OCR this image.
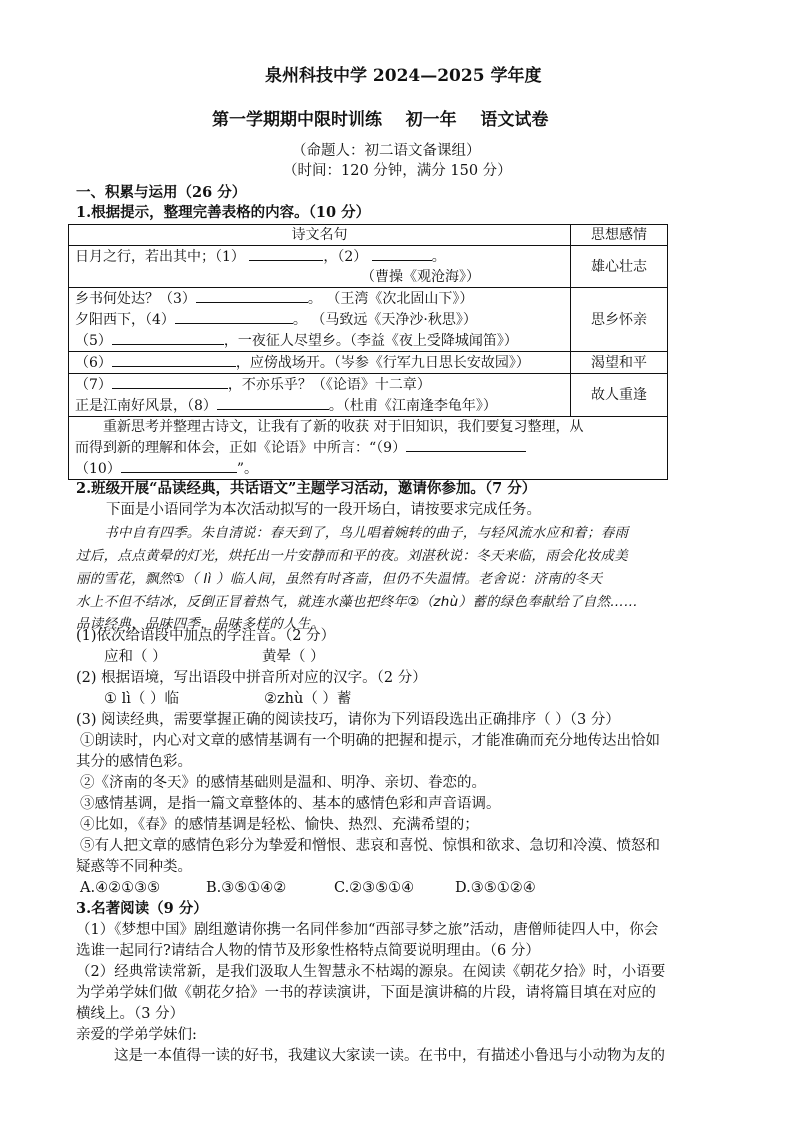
泉州科技中学 2024—2025 学年度
第一学期期中限时训练    初一年    语文试卷
（命题人：初二语文备课组）
（时间：120 分钟，满分 150 分）
一、积累与运用（26 分）
1.根据提示，整理完善表格的内容。（10 分）
诗文名句	思想感情
日月之行，若出其中；（1） ，（2） 。
（曹操《观沧海》）	雄心壮志
乡书何处达？（3） 。 （王湾《次北固山下》）
夕阳西下，（4） 。 （马致远《天净沙·秋思》）
（5） ，一夜征人尽望乡。（李益《夜上受降城闻笛》）	思乡怀亲
（6） ，应傍战场开。（岑参《行军九日思长安故园》）	渴望和平
（7） ，不亦乐乎？（《论语》十二章）
正是江南好风景，（8） 。（杜甫《江南逢李龟年》）	故人重逢

重新思考并整理古诗文，让我有了新的收获 对于旧知识，我们要复习整理，从
而得到新的理解和体会，正如《论语》中所言：“（9）
（10） ”。	
2.班级开展“品读经典，共话语文”主题学习活动，邀请你参加。（7 分）
下面是小语同学为本次活动拟写的一段开场白，请按要求完成任务。
书中自有四季。朱自清说：春天到了，鸟儿唱着婉转的曲子，与轻风流水应和着；春雨
过后，点点黄晕的灯光，烘托出一片安静而和平的夜。刘湛秋说：冬天来临，雨会化妆成美
丽的雪花，飘然①（ lì ）临人间，虽然有时吝啬，但仍不失温情。老舍说：济南的冬天
水上不但不结冰，反倒正冒着热气，就连水藻也把终年②（zhù）蓄的绿色奉献给了自然……
品读经典，品味四季，品味多样的人生。
(1)依次给语段中加点的字注音。（2 分）
应和（ ）	黄晕（ ）
(2) 根据语境，写出语段中拼音所对应的汉字。（2 分）
① lì（ ）临	②zhù（ ）蓄
(3) 阅读经典，需要掌握正确的阅读技巧，请你为下列语段选出正确排序（ ）（3 分）
①朗读时，内心对文章的感情基调有一个明确的把握和提示，才能准确而充分地传达出恰如
其分的感情色彩。
②《济南的冬天》的感情基础则是温和、明净、亲切、眷恋的。
③感情基调，是指一篇文章整体的、基本的感情色彩和声音语调。
④比如，《春》的感情基调是轻松、愉快、热烈、充满希望的；
⑤有人把文章的感情色彩分为挚爱和憎恨、悲哀和喜悦、惊惧和欲求、急切和冷漠、愤怒和
疑惑等不同种类。
A.④②①③⑤	B.③⑤①④②	C.②③⑤①④	D.③⑤①②④
3.名著阅读（9 分）
（1）《梦想中国》剧组邀请你携一名同伴参加“西部寻梦之旅”活动，唐僧师徒四人中，你会
选谁一起同行?请结合人物的情节及形象性格特点简要说明理由。（6 分）
（2）经典常读常新，是我们汲取人生智慧永不枯竭的源泉。在阅读《朝花夕拾》时，小语要
为学弟学妹们做《朝花夕拾》一书的荐读演讲，下面是演讲稿的片段，请将篇目填在对应的
横线上。（3 分）
亲爱的学弟学妹们:
这是一本值得一读的好书，我建议大家读一读。在书中，有描述小鲁迅与小动物为友的
